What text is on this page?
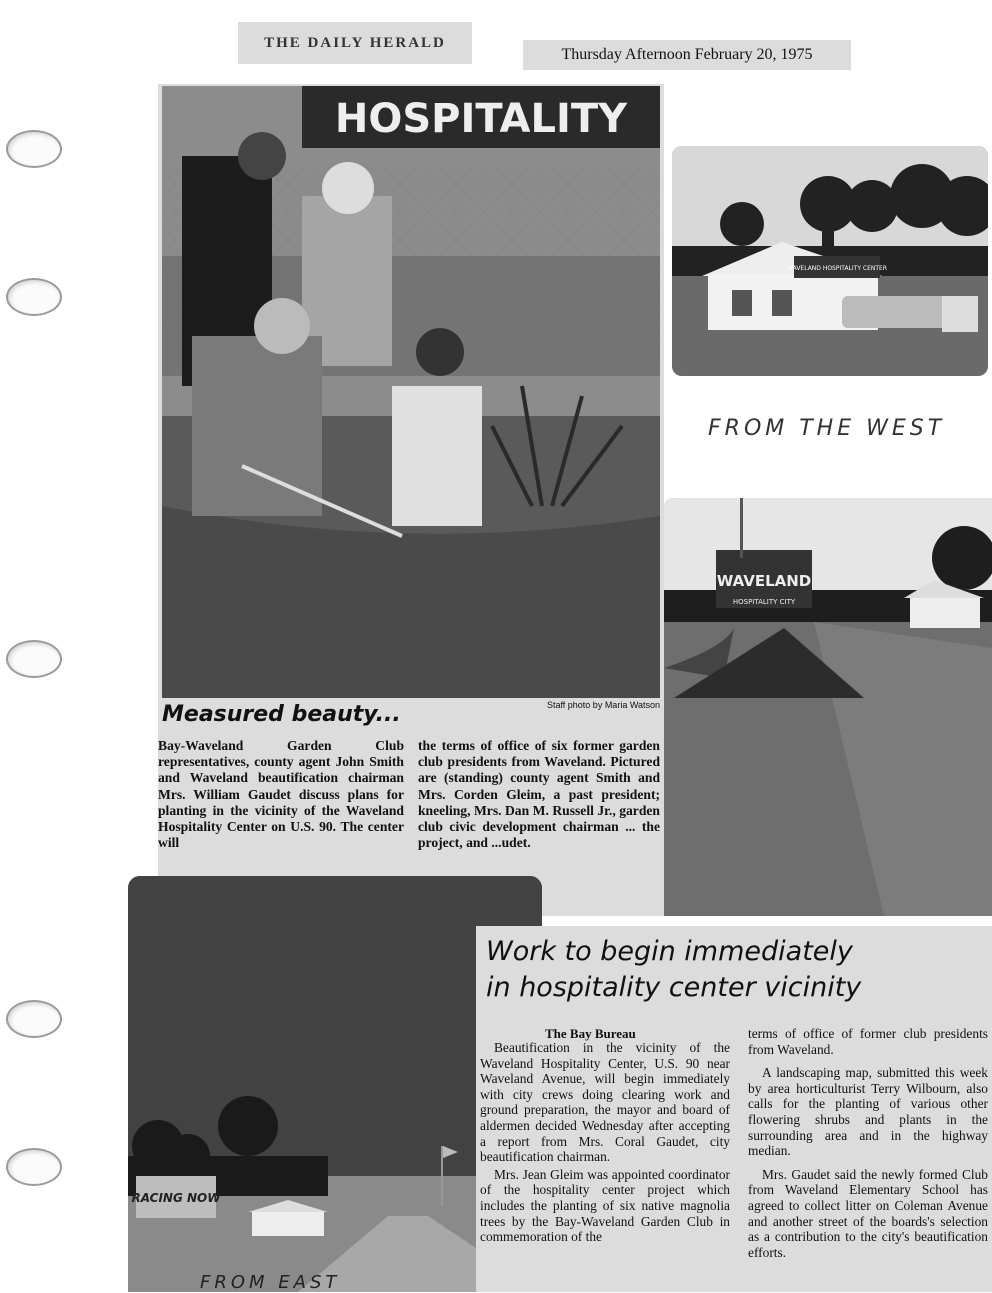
THE DAILY HERALD
Thursday Afternoon February 20, 1975
HOSPITALITY
Staff photo by Maria Watson
Measured beauty...
Bay-Waveland Garden Club representatives, county agent John Smith and Waveland beautification chairman Mrs. William Gaudet discuss plans for planting in the vicinity of the Waveland Hospitality Center on U.S. 90. The center will
the terms of office of six former garden club presidents from Waveland. Pictured are (standing) county agent Smith and Mrs. Corden Gleim, a past president; kneeling, Mrs. Dan M. Russell Jr., garden club civic development chairman ... the project, and ...udet.
WAVELAND HOSPITALITY CENTER
FROM THE WEST
WAVELAND
HOSPITALITY CITY
RACING NOW
FROM EAST
Work to begin immediately
in hospitality center vicinity
The Bay Bureau

Beautification in the vicinity of the Waveland Hospitality Center, U.S. 90 near Waveland Avenue, will begin immediately with city crews doing clearing work and ground preparation, the mayor and board of aldermen decided Wednesday after accepting a report from Mrs. Coral Gaudet, city beautification chairman.

Mrs. Jean Gleim was appointed coordinator of the hospitality center project which includes the planting of six native magnolia trees by the Bay-Waveland Garden Club in commemoration of the

terms of office of former club presidents from Waveland.

A landscaping map, submitted this week by area horticulturist Terry Wilbourn, also calls for the planting of various other flowering shrubs and plants in the surrounding area and in the highway median.

Mrs. Gaudet said the newly formed Club from Waveland Elementary School has agreed to collect litter on Coleman Avenue and another street of the boards's selection as a contribution to the city's beautification efforts.
